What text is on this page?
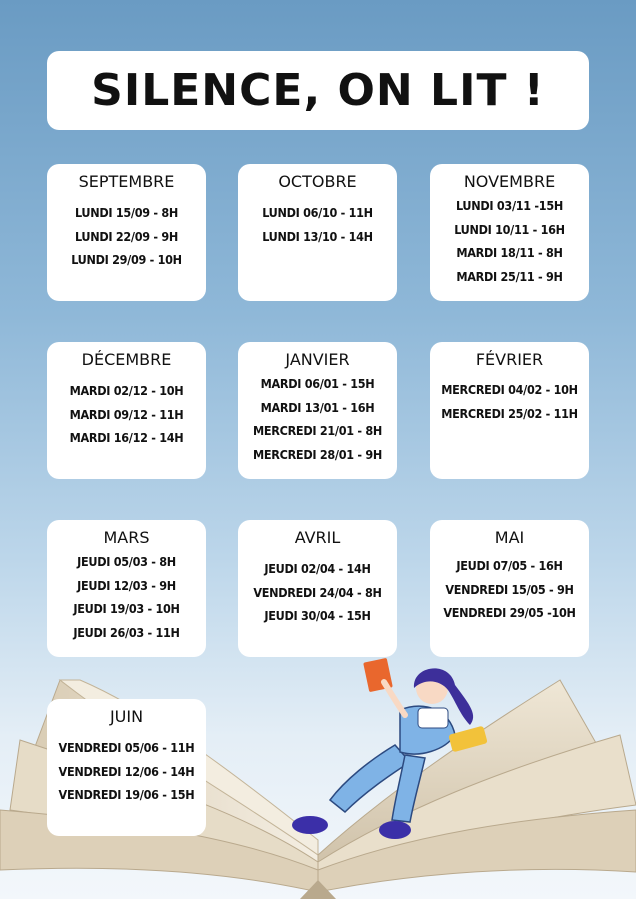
SILENCE, ON LIT !
SEPTEMBRE
LUNDI 15/09 - 8H
LUNDI 22/09 - 9H
LUNDI 29/09 - 10H
OCTOBRE
LUNDI 06/10 - 11H
LUNDI 13/10 - 14H
NOVEMBRE
LUNDI 03/11 -15H
LUNDI 10/11 - 16H
MARDI 18/11 - 8H
MARDI 25/11 - 9H
DÉCEMBRE
MARDI 02/12 - 10H
MARDI 09/12 - 11H
MARDI 16/12 - 14H
JANVIER
MARDI 06/01 - 15H
MARDI 13/01 - 16H
MERCREDI 21/01 - 8H
MERCREDI 28/01 - 9H
FÉVRIER
MERCREDI 04/02 - 10H
MERCREDI 25/02 - 11H
MARS
JEUDI 05/03 - 8H
JEUDI 12/03 - 9H
JEUDI 19/03 - 10H
JEUDI 26/03 - 11H
AVRIL
JEUDI 02/04 - 14H
VENDREDI 24/04 - 8H
JEUDI 30/04 - 15H
MAI
JEUDI 07/05 - 16H
VENDREDI 15/05 - 9H
VENDREDI 29/05 -10H
JUIN
VENDREDI 05/06 - 11H
VENDREDI 12/06 - 14H
VENDREDI 19/06 - 15H
